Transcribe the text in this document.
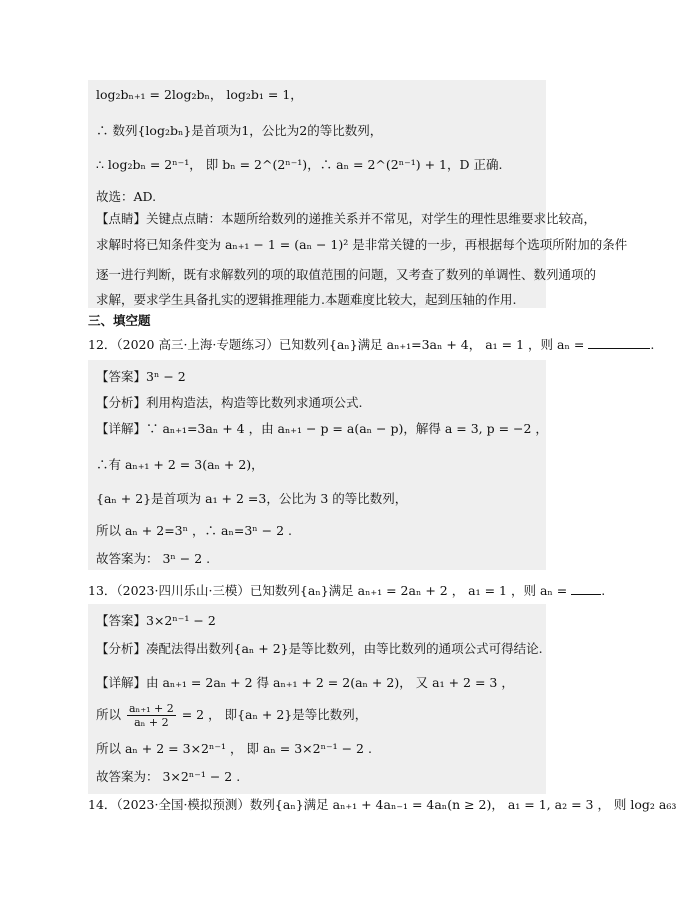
log₂bₙ₊₁ = 2log₂bₙ， log₂b₁ = 1，
∴ 数列{log₂bₙ}是首项为1，公比为2的等比数列，
∴ log₂bₙ = 2ⁿ⁻¹， 即 bₙ = 2^(2ⁿ⁻¹)，∴ aₙ = 2^(2ⁿ⁻¹) + 1，D 正确.
故选：AD.
【点睛】关键点点睛：本题所给数列的递推关系并不常见，对学生的理性思维要求比较高，
求解时将已知条件变为 aₙ₊₁ − 1 = (aₙ − 1)² 是非常关键的一步，再根据每个选项所附加的条件
逐一进行判断，既有求解数列的项的取值范围的问题，又考查了数列的单调性、数列通项的
求解，要求学生具备扎实的逻辑推理能力.本题难度比较大，起到压轴的作用.
三、填空题
12．（2020 高三·上海·专题练习）已知数列{aₙ}满足 aₙ₊₁=3aₙ + 4， a₁ = 1 ，则 aₙ =	.
【答案】3ⁿ − 2
【分析】利用构造法，构造等比数列求通项公式.
【详解】∵ aₙ₊₁=3aₙ + 4 ，由 aₙ₊₁ − p = a(aₙ − p)，解得 a = 3, p = −2 ，
∴有 aₙ₊₁ + 2 = 3(aₙ + 2)，
{aₙ + 2}是首项为 a₁ + 2 =3，公比为 3 的等比数列，
所以 aₙ + 2=3ⁿ ，∴ aₙ=3ⁿ − 2 .
故答案为： 3ⁿ − 2 .
13．（2023·四川乐山·三模）已知数列{aₙ}满足 aₙ₊₁ = 2aₙ + 2 ， a₁ = 1 ，则 aₙ =	.
【答案】3×2ⁿ⁻¹ − 2
【分析】凑配法得出数列{aₙ + 2}是等比数列，由等比数列的通项公式可得结论.
【详解】由 aₙ₊₁ = 2aₙ + 2 得 aₙ₊₁ + 2 = 2(aₙ + 2)， 又 a₁ + 2 = 3 ，
所以 $\frac{\text{aₙ₊₁ + 2}}{\text{aₙ + 2}} = 2$ ， 即{aₙ + 2}是等比数列，
所以 aₙ + 2 = 3×2ⁿ⁻¹ ， 即 aₙ = 3×2ⁿ⁻¹ − 2 .
故答案为： 3×2ⁿ⁻¹ − 2 .
14．（2023·全国·模拟预测）数列{aₙ}满足 aₙ₊₁ + 4aₙ₋₁ = 4aₙ(n ≥ 2)， a₁ = 1, a₂ = 3 ， 则 log₂ a₆₃
